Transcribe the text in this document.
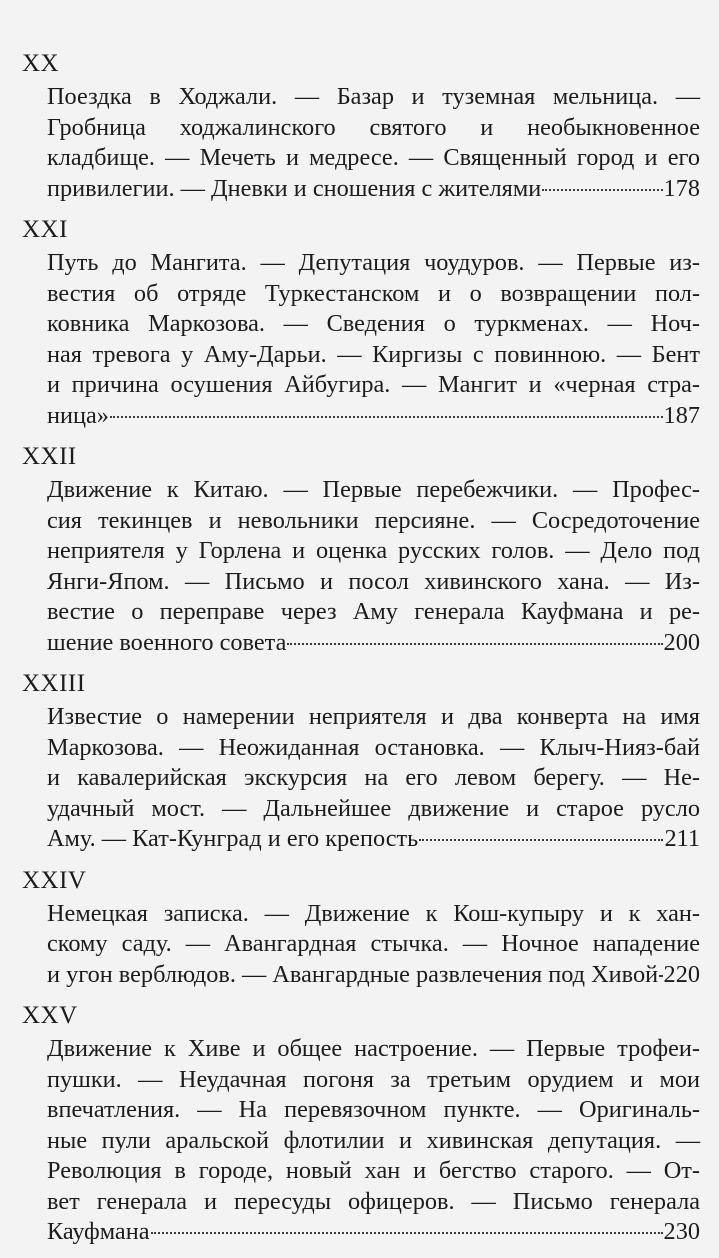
XX
Поездка в Ходжали. — Базар и туземная мельница. —
Гробница ходжалинского святого и необыкновенное
кладбище. — Мечеть и медресе. — Священный город и его
привилегии. — Дневки и сношения с жителями	178
XXI
Путь до Мангита. — Депутация чоудуров. — Первые из-
вестия об отряде Туркестанском и о возвращении пол-
ковника Маркозова. — Сведения о туркменах. — Ноч-
ная тревога у Аму-Дарьи. — Киргизы с повинною. — Бент
и причина осушения Айбугира. — Мангит и «черная стра-
ница»	187
XXII
Движение к Китаю. — Первые перебежчики. — Профес-
сия текинцев и невольники персияне. — Сосредоточение
неприятеля у Горлена и оценка русских голов. — Дело под
Янги-Япом. — Письмо и посол хивинского хана. — Из-
вестие о переправе через Аму генерала Кауфмана и ре-
шение военного совета	200
XXIII
Известие о намерении неприятеля и два конверта на имя
Маркозова. — Неожиданная остановка. — Клыч-Нияз-бай
и кавалерийская экскурсия на его левом берегу. — Не-
удачный мост. — Дальнейшее движение и старое русло
Аму. — Кат-Кунград и его крепость	211
XXIV
Немецкая записка. — Движение к Кош-купыру и к хан-
скому саду. — Авангардная стычка. — Ночное нападение
и угон верблюдов. — Авангардные развлечения под Хивой 220
XXV
Движение к Хиве и общее настроение. — Первые трофеи-
пушки. — Неудачная погоня за третьим орудием и мои
впечатления. — На перевязочном пункте. — Оригиналь-
ные пули аральской флотилии и хивинская депутация. —
Революция в городе, новый хан и бегство старого. — От-
вет генерала и пересуды офицеров. — Письмо генерала
Кауфмана	230
